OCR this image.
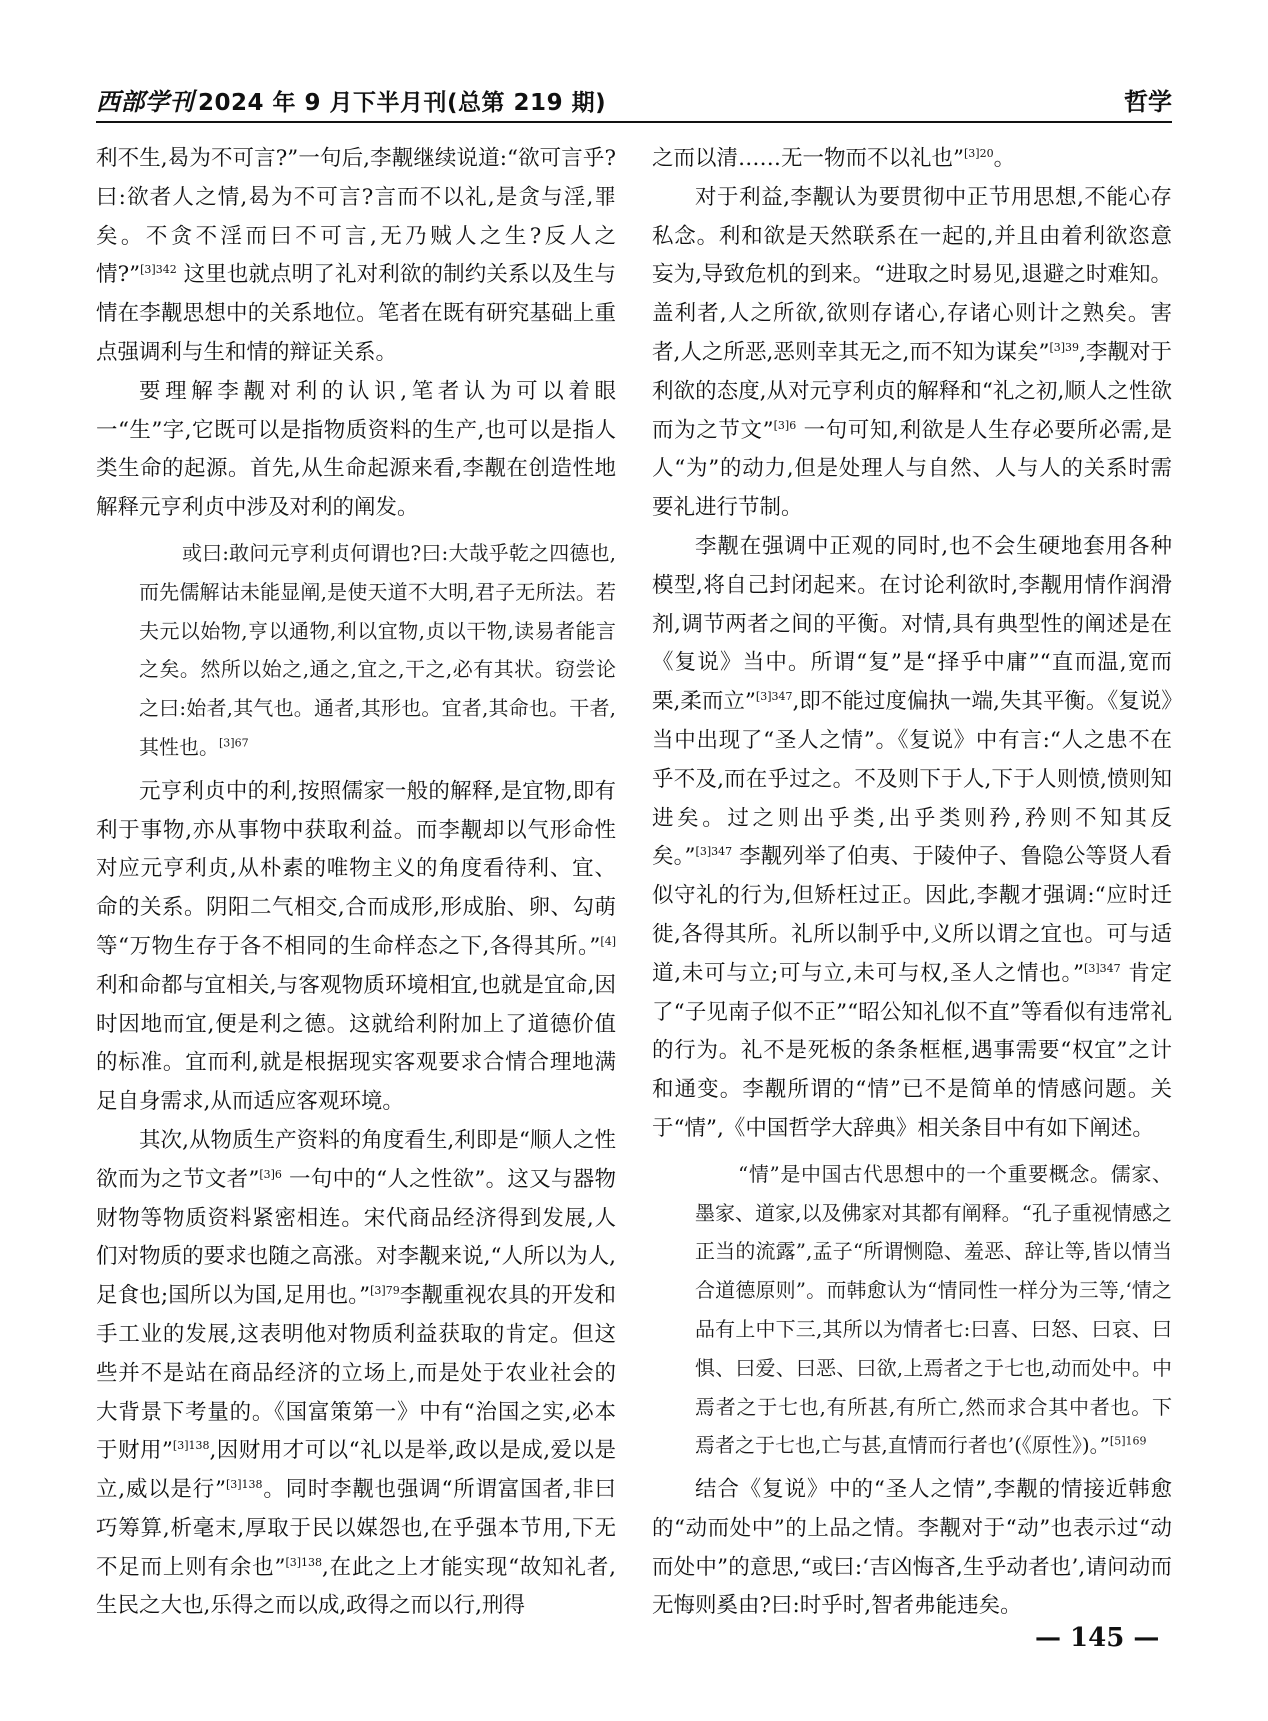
西部学刊 2024 年 9 月下半月刊(总第 219 期)	哲学

利不生,曷为不可言?”一句后,李觏继续说道:“欲可言乎?曰:欲者人之情,曷为不可言?言而不以礼,是贪与淫,罪矣。不贪不淫而曰不可言,无乃贼人之生?反人之情?”$^{[3]342}$ 这里也就点明了礼对利欲的制约关系以及生与情在李觏思想中的关系地位。笔者在既有研究基础上重点强调利与生和情的辩证关系。

要理解李觏对利的认识,笔者认为可以着眼一“生”字,它既可以是指物质资料的生产,也可以是指人类生命的起源。首先,从生命起源来看,李觏在创造性地解释元亨利贞中涉及对利的阐发。

或曰:敢问元亨利贞何谓也?曰:大哉乎乾之四德也,而先儒解诂未能显阐,是使天道不大明,君子无所法。若夫元以始物,亨以通物,利以宜物,贞以干物,读易者能言之矣。然所以始之,通之,宜之,干之,必有其状。窃尝论之曰:始者,其气也。通者,其形也。宜者,其命也。干者,其性也。$^{[3]67}$

元亨利贞中的利,按照儒家一般的解释,是宜物,即有利于事物,亦从事物中获取利益。而李觏却以气形命性对应元亨利贞,从朴素的唯物主义的角度看待利、宜、命的关系。阴阳二气相交,合而成形,形成胎、卵、勾萌等“万物生存于各不相同的生命样态之下,各得其所。”[4] 利和命都与宜相关,与客观物质环境相宜,也就是宜命,因时因地而宜,便是利之德。这就给利附加上了道德价值的标准。宜而利,就是根据现实客观要求合情合理地满足自身需求,从而适应客观环境。

其次,从物质生产资料的角度看生,利即是“顺人之性欲而为之节文者”$^{[3]6}$ 一句中的“人之性欲”。这又与器物财物等物质资料紧密相连。宋代商品经济得到发展,人们对物质的要求也随之高涨。对李觏来说,“人所以为人,足食也;国所以为国,足用也。”$^{[3]79}$李觏重视农具的开发和手工业的发展,这表明他对物质利益获取的肯定。但这些并不是站在商品经济的立场上,而是处于农业社会的大背景下考量的。《国富策第一》中有“治国之实,必本于财用”$^{[3]138}$,因财用才可以“礼以是举,政以是成,爱以是立,威以是行”$^{[3]138}$。同时李觏也强调“所谓富国者,非曰巧筹算,析毫末,厚取于民以媒怨也,在乎强本节用,下无不足而上则有余也”$^{[3]138}$,在此之上才能实现“故知礼者,生民之大也,乐得之而以成,政得之而以行,刑得

之而以清……无一物而不以礼也”$^{[3]20}$。

对于利益,李觏认为要贯彻中正节用思想,不能心存私念。利和欲是天然联系在一起的,并且由着利欲恣意妄为,导致危机的到来。“进取之时易见,退避之时难知。盖利者,人之所欲,欲则存诸心,存诸心则计之熟矣。害者,人之所恶,恶则幸其无之,而不知为谋矣”$^{[3]39}$,李觏对于利欲的态度,从对元亨利贞的解释和“礼之初,顺人之性欲而为之节文”$^{[3]6}$ 一句可知,利欲是人生存必要所必需,是人“为”的动力,但是处理人与自然、人与人的关系时需要礼进行节制。

李觏在强调中正观的同时,也不会生硬地套用各种模型,将自己封闭起来。在讨论利欲时,李觏用情作润滑剂,调节两者之间的平衡。对情,具有典型性的阐述是在《复说》当中。所谓“复”是“择乎中庸”“直而温,宽而栗,柔而立”$^{[3]347}$,即不能过度偏执一端,失其平衡。《复说》当中出现了“圣人之情”。《复说》中有言:“人之患不在乎不及,而在乎过之。不及则下于人,下于人则愤,愤则知进矣。过之则出乎类,出乎类则矜,矜则不知其反矣。”$^{[3]347}$ 李觏列举了伯夷、于陵仲子、鲁隐公等贤人看似守礼的行为,但矫枉过正。因此,李觏才强调:“应时迁徙,各得其所。礼所以制乎中,义所以谓之宜也。可与适道,未可与立;可与立,未可与权,圣人之情也。”$^{[3]347}$ 肯定了“子见南子似不正”“昭公知礼似不直”等看似有违常礼的行为。礼不是死板的条条框框,遇事需要“权宜”之计和通变。李觏所谓的“情”已不是简单的情感问题。关于“情”,《中国哲学大辞典》相关条目中有如下阐述。

“情”是中国古代思想中的一个重要概念。儒家、墨家、道家,以及佛家对其都有阐释。“孔子重视情感之正当的流露”,孟子“所谓恻隐、羞恶、辞让等,皆以情当合道德原则”。而韩愈认为“情同性一样分为三等,‘情之品有上中下三,其所以为情者七:曰喜、曰怒、曰哀、曰惧、曰爱、曰恶、曰欲,上焉者之于七也,动而处中。中焉者之于七也,有所甚,有所亡,然而求合其中者也。下焉者之于七也,亡与甚,直情而行者也’(《原性》)。”$^{[5]169}$

结合《复说》中的“圣人之情”,李觏的情接近韩愈的“动而处中”的上品之情。李觏对于“动”也表示过“动而处中”的意思,“或曰:‘吉凶悔吝,生乎动者也’,请问动而无悔则奚由?曰:时乎时,智者弗能违矣。

— 145 —
